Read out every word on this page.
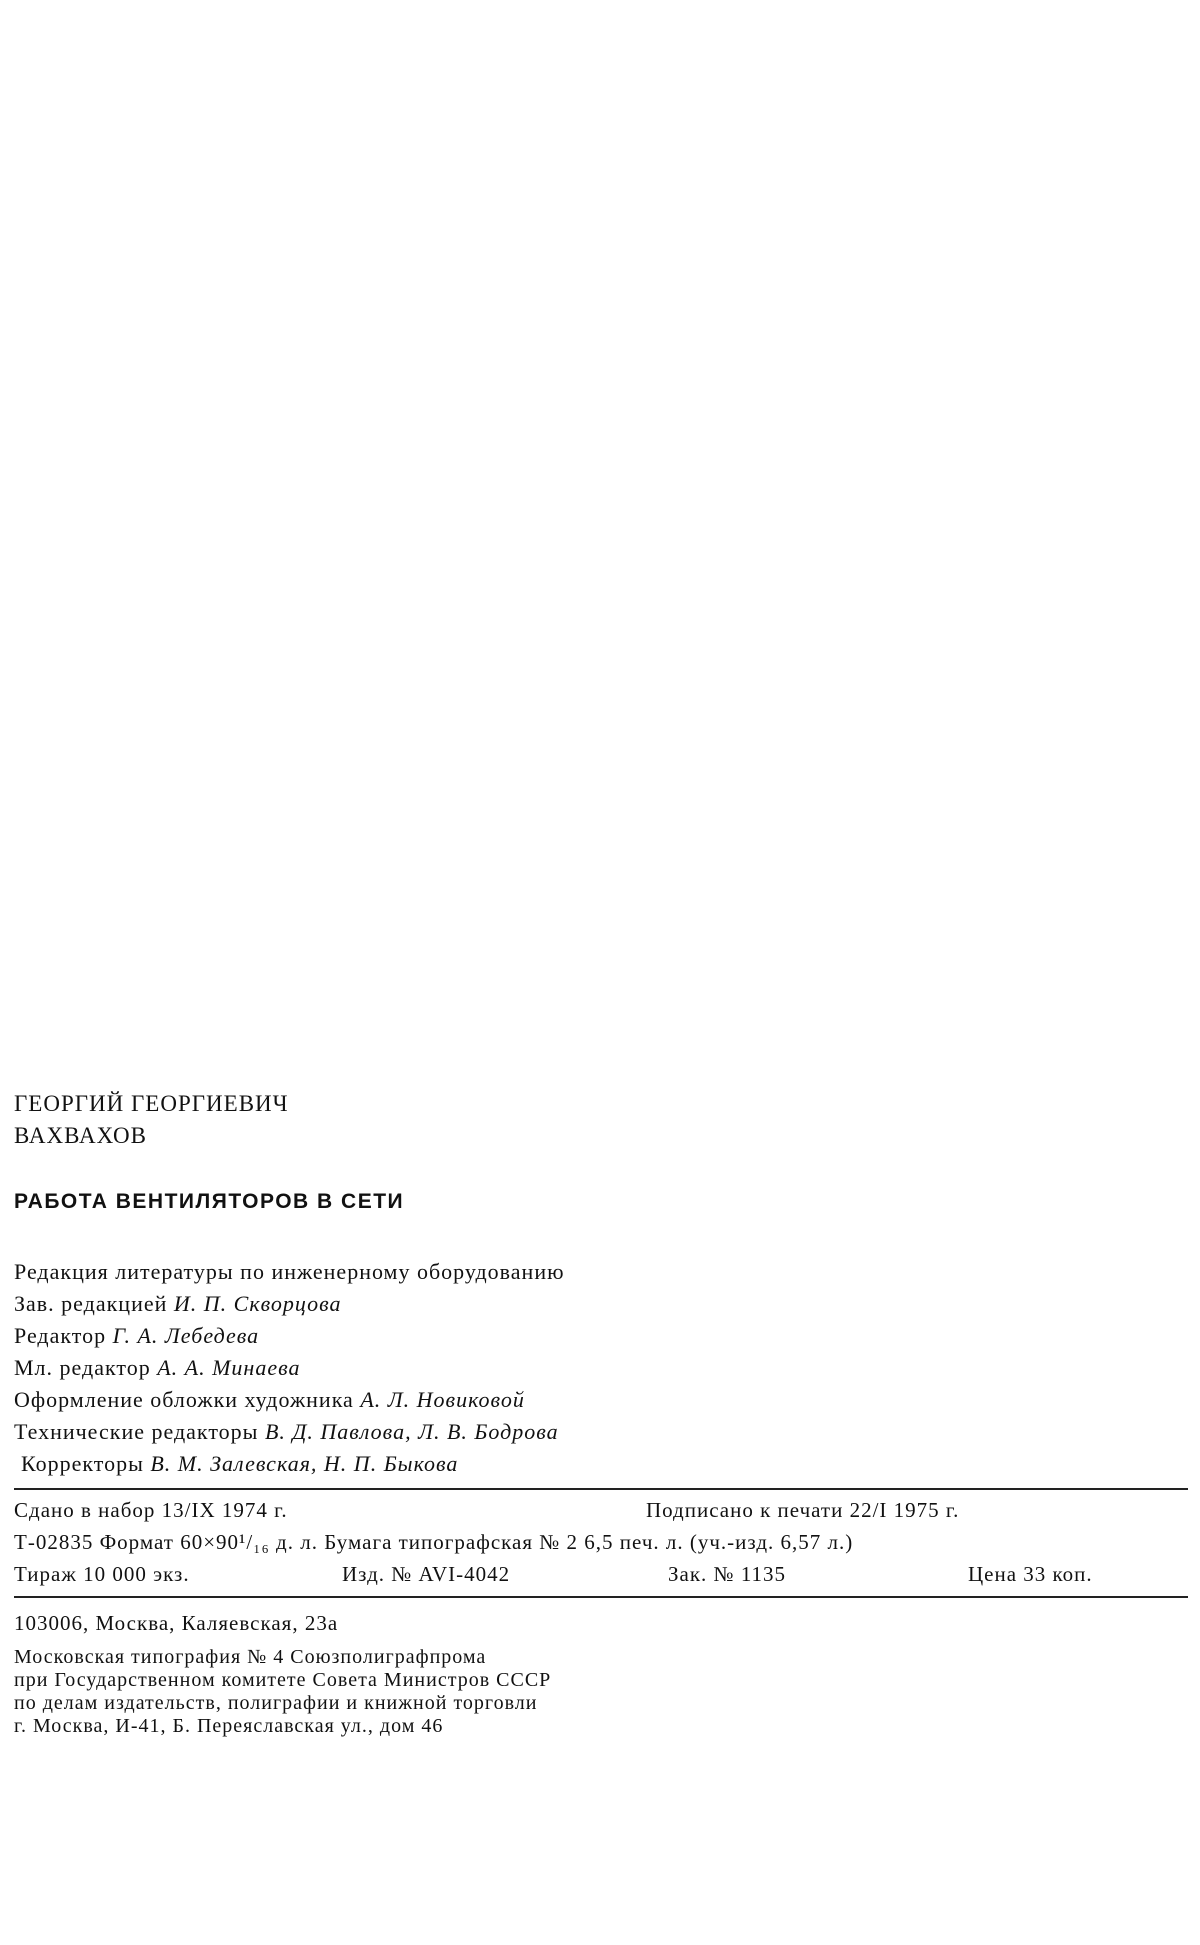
ГЕОРГИЙ ГЕОРГИЕВИЧ
ВАХВАХОВ
РАБОТА ВЕНТИЛЯТОРОВ В СЕТИ
Редакция литературы по инженерному оборудованию
Зав. редакцией И. П. Скворцова
Редактор Г. А. Лебедева
Мл. редактор А. А. Минаева
Оформление обложки художника А. Л. Новиковой
Технические редакторы В. Д. Павлова, Л. В. Бодрова
Корректоры В. М. Залевская, Н. П. Быкова
Сдано в набор 13/IX 1974 г.	Подписано к печати 22/I 1975 г.
Т-02835 Формат 60×90¹/₁₆ д. л. Бумага типографская № 2 6,5 печ. л. (уч.-изд. 6,57 л.)
Тираж 10 000 экз.	Изд. № AVI-4042	Зак. № 1135	Цена 33 коп.
103006, Москва, Каляевская, 23а
Московская типография № 4 Союзполиграфпрома
при Государственном комитете Совета Министров СССР
по делам издательств, полиграфии и книжной торговли
г. Москва, И-41, Б. Переяславская ул., дом 46
